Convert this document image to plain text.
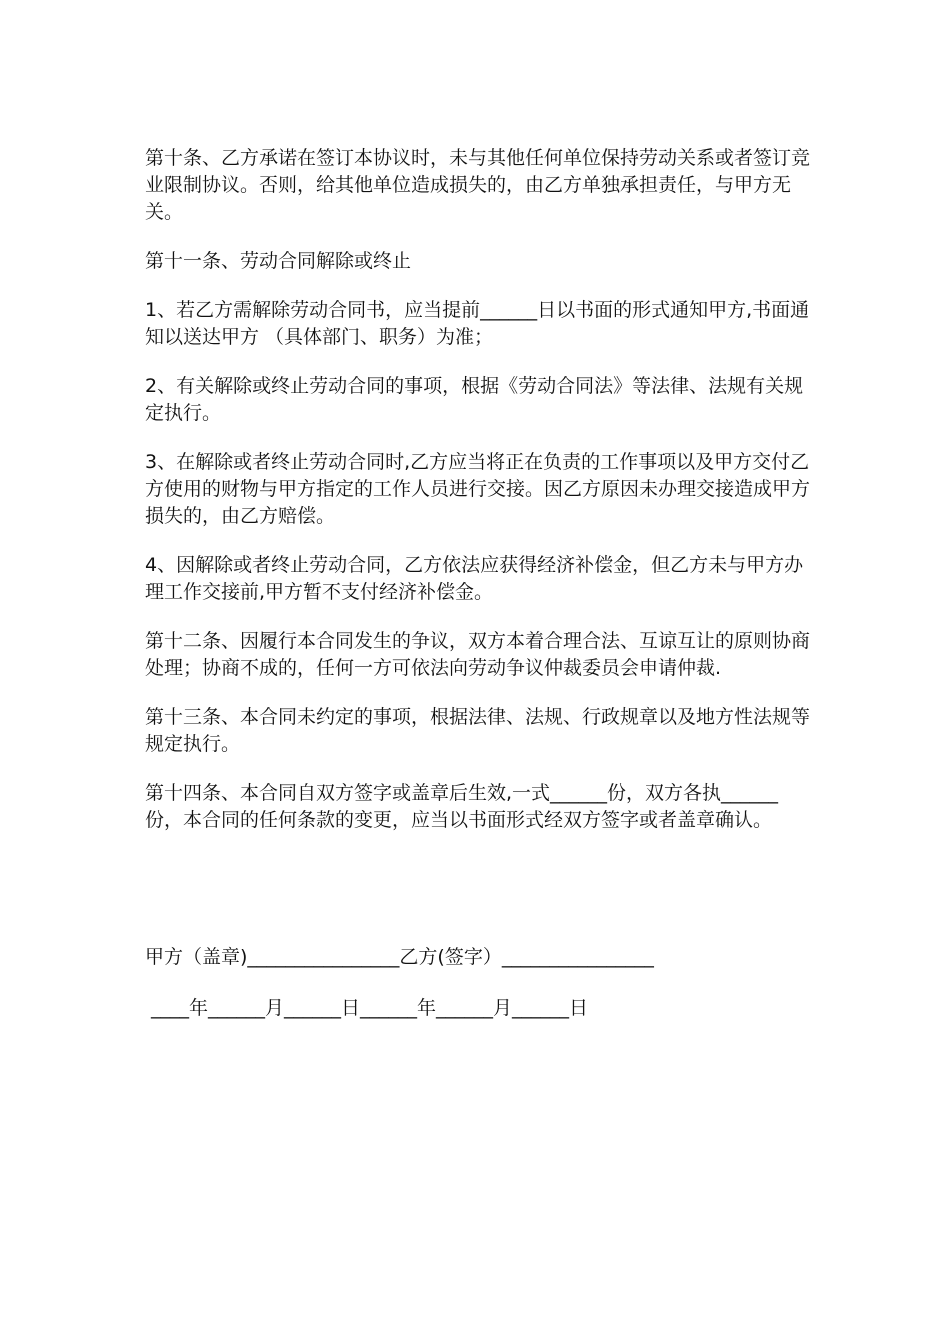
第十条、乙方承诺在签订本协议时，未与其他任何单位保持劳动关系或者签订竞业限制协议。否则，给其他单位造成损失的，由乙方单独承担责任，与甲方无关。

第十一条、劳动合同解除或终止

1、若乙方需解除劳动合同书，应当提前______日以书面的形式通知甲方,书面通知以送达甲方 （具体部门、职务）为准；

2、有关解除或终止劳动合同的事项，根据《劳动合同法》等法律、法规有关规定执行。

3、在解除或者终止劳动合同时,乙方应当将正在负责的工作事项以及甲方交付乙方使用的财物与甲方指定的工作人员进行交接。因乙方原因未办理交接造成甲方损失的，由乙方赔偿。

4、因解除或者终止劳动合同，乙方依法应获得经济补偿金，但乙方未与甲方办理工作交接前,甲方暂不支付经济补偿金。

第十二条、因履行本合同发生的争议，双方本着合理合法、互谅互让的原则协商处理；协商不成的，任何一方可依法向劳动争议仲裁委员会申请仲裁.

第十三条、本合同未约定的事项，根据法律、法规、行政规章以及地方性法规等规定执行。

第十四条、本合同自双方签字或盖章后生效,一式______份，双方各执______份，本合同的任何条款的变更，应当以书面形式经双方签字或者盖章确认。

甲方（盖章)________________乙方(签字）________________

____年______月______日______年______月______日
